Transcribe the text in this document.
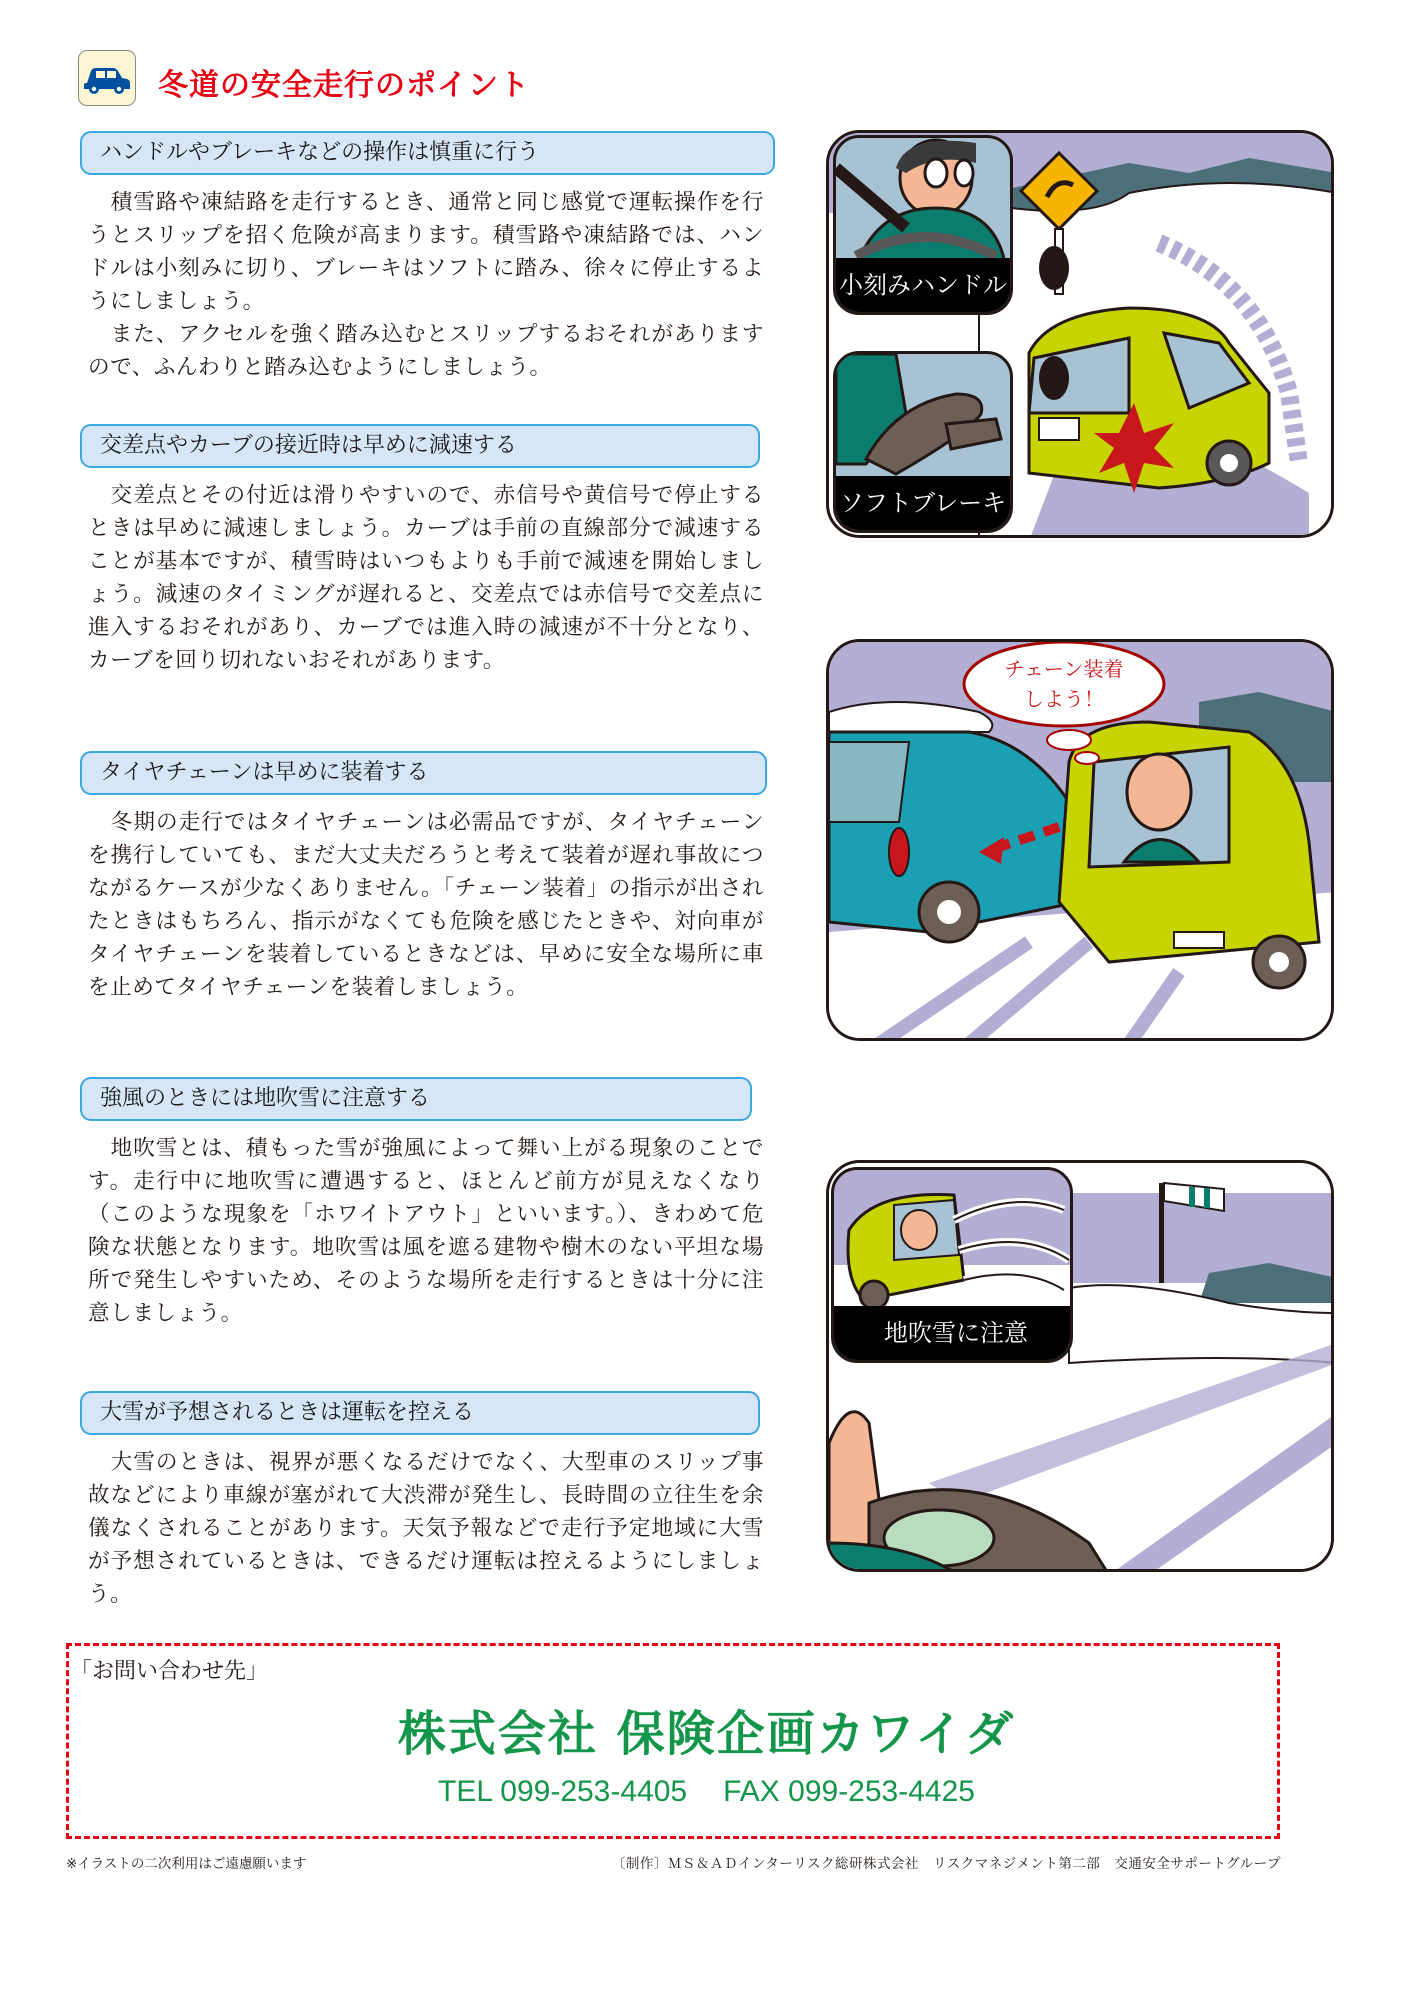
冬道の安全走行のポイント
ハンドルやブレーキなどの操作は慎重に行う

積雪路や凍結路を走行するとき、通常と同じ感覚で運転操作を行うとスリップを招く危険が高まります。積雪路や凍結路では、ハンドルは小刻みに切り、ブレーキはソフトに踏み、徐々に停止するようにしましょう。

また、アクセルを強く踏み込むとスリップするおそれがありますので、ふんわりと踏み込むようにしましょう。

交差点やカーブの接近時は早めに減速する

交差点とその付近は滑りやすいので、赤信号や黄信号で停止するときは早めに減速しましょう。カーブは手前の直線部分で減速することが基本ですが、積雪時はいつもよりも手前で減速を開始しましょう。減速のタイミングが遅れると、交差点では赤信号で交差点に進入するおそれがあり、カーブでは進入時の減速が不十分となり、カーブを回り切れないおそれがあります。

タイヤチェーンは早めに装着する

冬期の走行ではタイヤチェーンは必需品ですが、タイヤチェーンを携行していても、まだ大丈夫だろうと考えて装着が遅れ事故につながるケースが少なくありません。「チェーン装着」の指示が出されたときはもちろん、指示がなくても危険を感じたときや、対向車がタイヤチェーンを装着しているときなどは、早めに安全な場所に車を止めてタイヤチェーンを装着しましょう。

強風のときには地吹雪に注意する

地吹雪とは、積もった雪が強風によって舞い上がる現象のことです。走行中に地吹雪に遭遇すると、ほとんど前方が見えなくなり（このような現象を「ホワイトアウト」といいます。）、きわめて危険な状態となります。地吹雪は風を遮る建物や樹木のない平坦な場所で発生しやすいため、そのような場所を走行するときは十分に注意しましょう。

大雪が予想されるときは運転を控える

大雪のときは、視界が悪くなるだけでなく、大型車のスリップ事故などにより車線が塞がれて大渋滞が発生し、長時間の立往生を余儀なくされることがあります。天気予報などで走行予定地域に大雪が予想されているときは、できるだけ運転は控えるようにしましょう。

小刻みハンドル
ソフトブレーキ
チェーン装着
しよう！
地吹雪に注意
「お問い合わせ先」
株式会社 保険企画カワイダ
TEL 099-253-4405 FAX 099-253-4425
※イラストの二次利用はご遠慮願います	〔制作〕ＭＳ＆ＡＤインターリスク総研株式会社　リスクマネジメント第二部　交通安全サポートグループ
